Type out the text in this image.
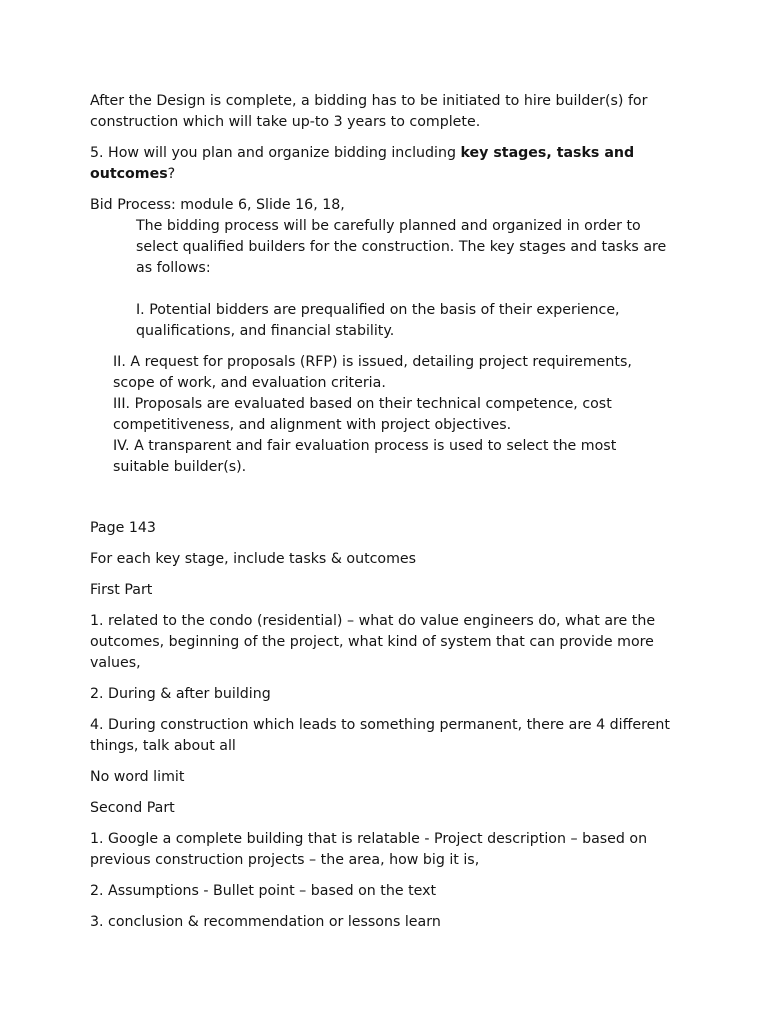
After the Design is complete, a bidding has to be initiated to hire builder(s) for construction which will take up-to 3 years to complete.

5. How will you plan and organize bidding including key stages, tasks and outcomes?

Bid Process: module 6, Slide 16, 18,

The bidding process will be carefully planned and organized in order to select qualified builders for the construction. The key stages and tasks are as follows:

I. Potential bidders are prequalified on the basis of their experience, qualifications, and financial stability.

II. A request for proposals (RFP) is issued, detailing project requirements, scope of work, and evaluation criteria.

III. Proposals are evaluated based on their technical competence, cost competitiveness, and alignment with project objectives.

IV. A transparent and fair evaluation process is used to select the most suitable builder(s).

Page 143

For each key stage, include tasks & outcomes

First Part

1. related to the condo (residential) – what do value engineers do, what are the outcomes, beginning of the project, what kind of system that can provide more values,

2. During & after building

4. During construction which leads to something permanent, there are 4 different things, talk about all

No word limit

Second Part

1. Google a complete building that is relatable - Project description – based on previous construction projects – the area, how big it is,

2. Assumptions - Bullet point – based on the text

3. conclusion & recommendation or lessons learn
